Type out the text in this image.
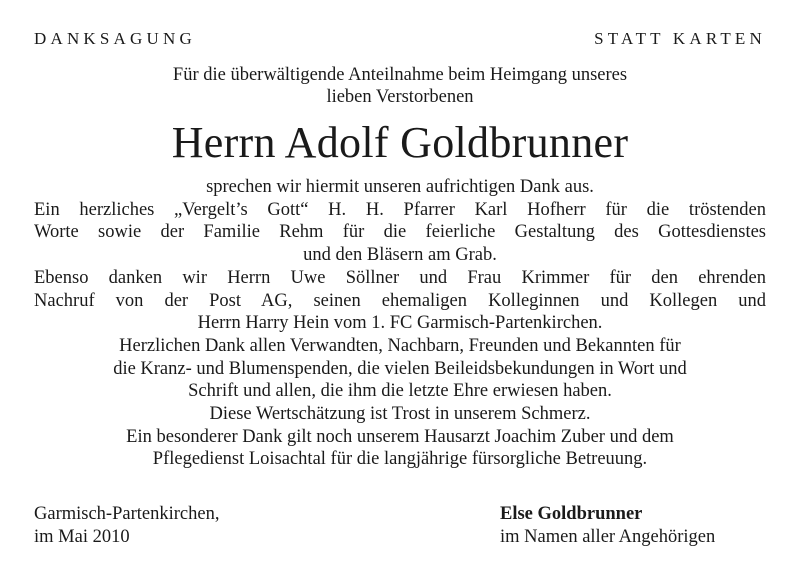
DANKSAGUNG	STATT KARTEN
Für die überwältigende Anteilnahme beim Heimgang unseres
lieben Verstorbenen
Herrn Adolf Goldbrunner
sprechen wir hiermit unseren aufrichtigen Dank aus.
Ein herzliches „Vergelt’s Gott“ H. H. Pfarrer Karl Hofherr für die tröstenden
Worte sowie der Familie Rehm für die feierliche Gestaltung des Gottesdienstes
und den Bläsern am Grab.
Ebenso danken wir Herrn Uwe Söllner und Frau Krimmer für den ehrenden
Nachruf von der Post AG, seinen ehemaligen Kolleginnen und Kollegen und
Herrn Harry Hein vom 1. FC Garmisch-Partenkirchen.
Herzlichen Dank allen Verwandten, Nachbarn, Freunden und Bekannten für
die Kranz- und Blumenspenden, die vielen Beileidsbekundungen in Wort und
Schrift und allen, die ihm die letzte Ehre erwiesen haben.
Diese Wertschätzung ist Trost in unserem Schmerz.
Ein besonderer Dank gilt noch unserem Hausarzt Joachim Zuber und dem
Pflegedienst Loisachtal für die langjährige fürsorgliche Betreuung.
Garmisch-Partenkirchen,
im Mai 2010
Else Goldbrunner
im Namen aller Angehörigen
